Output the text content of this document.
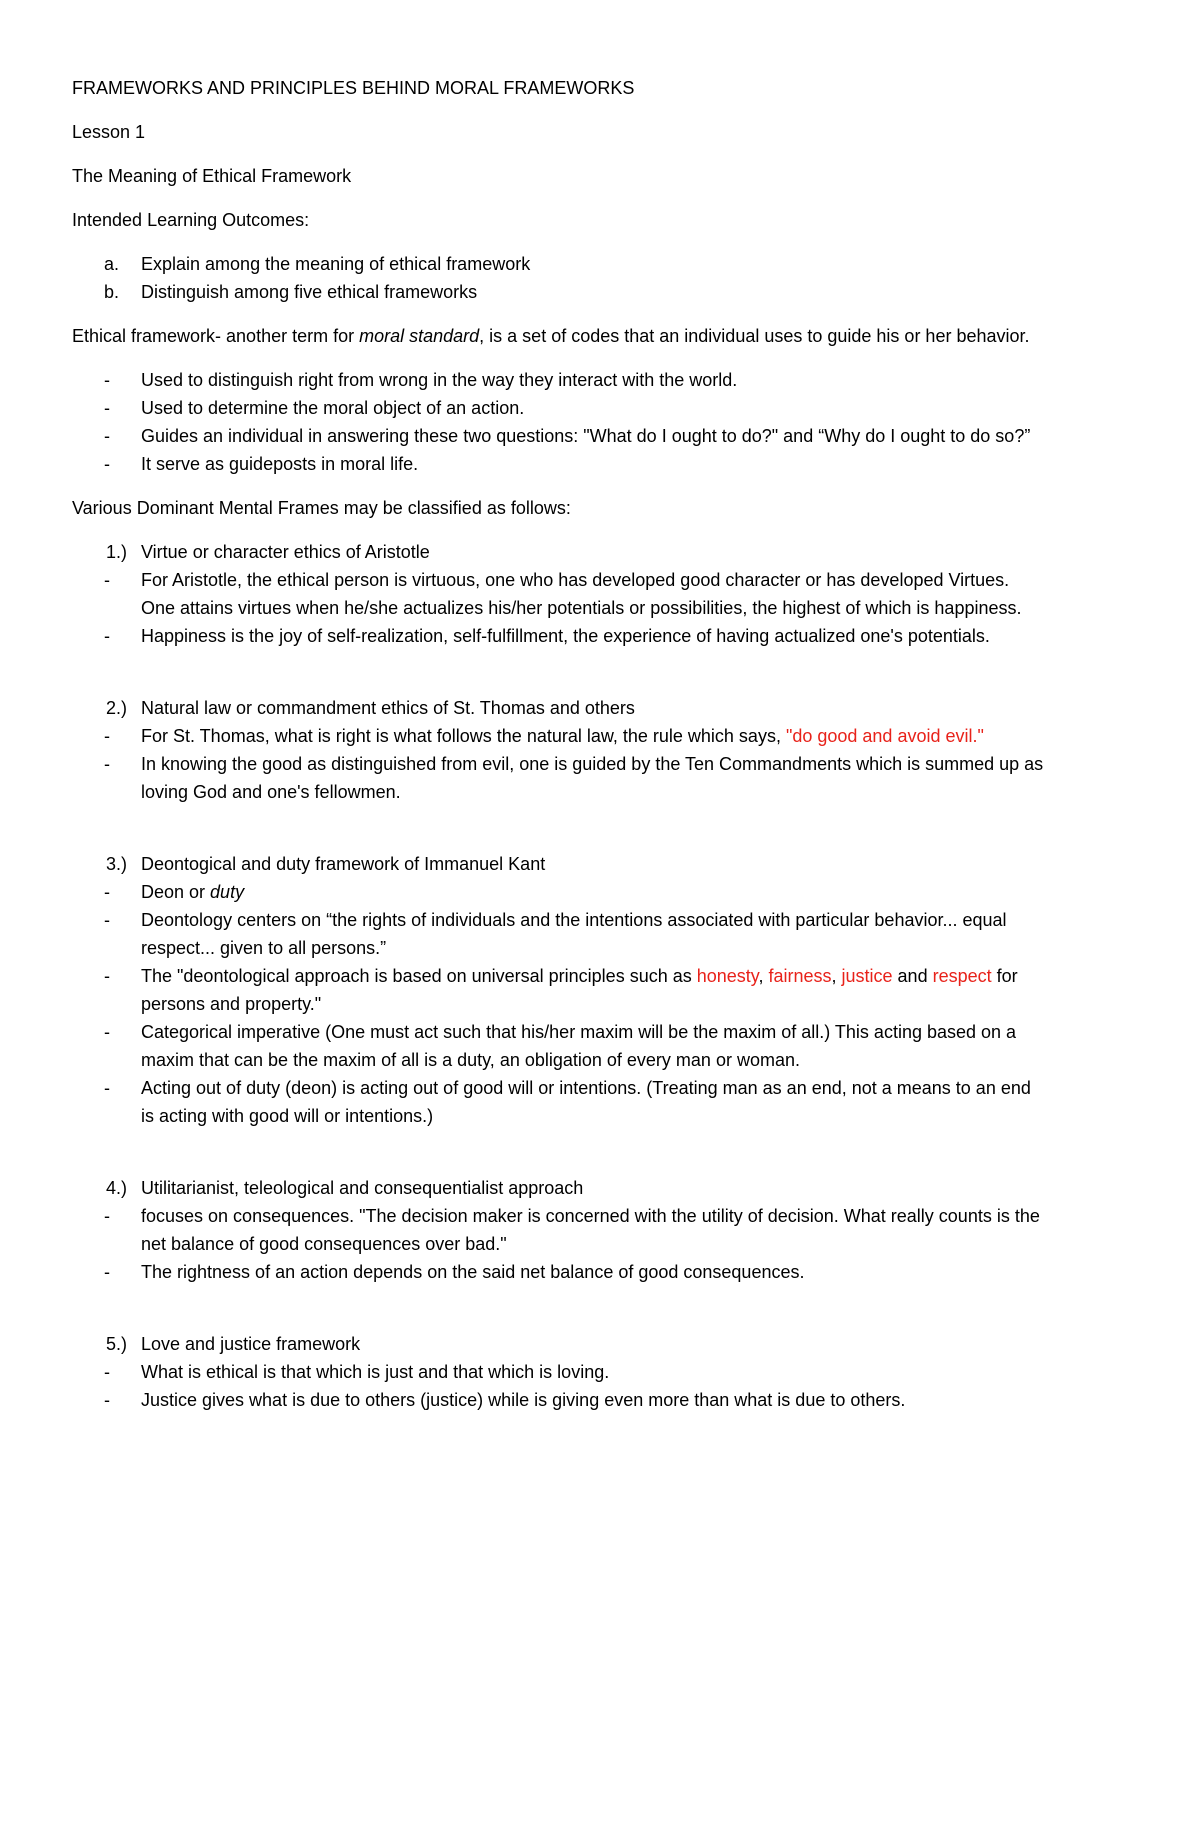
FRAMEWORKS AND PRINCIPLES BEHIND MORAL FRAMEWORKS
Lesson 1
The Meaning of Ethical Framework
Intended Learning Outcomes:
a. Explain among the meaning of ethical framework
b. Distinguish among five ethical frameworks
Ethical framework- another term for moral standard, is a set of codes that an individual uses to guide his or her behavior.
- Used to distinguish right from wrong in the way they interact with the world.
- Used to determine the moral object of an action.
- Guides an individual in answering these two questions: "What do I ought to do?" and “Why do I ought to do so?”
- It serve as guideposts in moral life.
Various Dominant Mental Frames may be classified as follows:
1.) Virtue or character ethics of Aristotle
- For Aristotle, the ethical person is virtuous, one who has developed good character or has developed Virtues.
One attains virtues when he/she actualizes his/her potentials or possibilities, the highest of which is happiness.
- Happiness is the joy of self-realization, self-fulfillment, the experience of having actualized one's potentials.
2.) Natural law or commandment ethics of St. Thomas and others
- For St. Thomas, what is right is what follows the natural law, the rule which says, "do good and avoid evil."
- In knowing the good as distinguished from evil, one is guided by the Ten Commandments which is summed up as
loving God and one's fellowmen.
3.) Deontogical and duty framework of Immanuel Kant
- Deon or duty
- Deontology centers on “the rights of individuals and the intentions associated with particular behavior... equal
respect... given to all persons.”
- The "deontological approach is based on universal principles such as honesty, fairness, justice and respect for
persons and property."
- Categorical imperative (One must act such that his/her maxim will be the maxim of all.) This acting based on a
maxim that can be the maxim of all is a duty, an obligation of every man or woman.
- Acting out of duty (deon) is acting out of good will or intentions. (Treating man as an end, not a means to an end
is acting with good will or intentions.)
4.) Utilitarianist, teleological and consequentialist approach
- focuses on consequences. "The decision maker is concerned with the utility of decision. What really counts is the
net balance of good consequences over bad."
- The rightness of an action depends on the said net balance of good consequences.
5.) Love and justice framework
- What is ethical is that which is just and that which is loving.
- Justice gives what is due to others (justice) while is giving even more than what is due to others.
